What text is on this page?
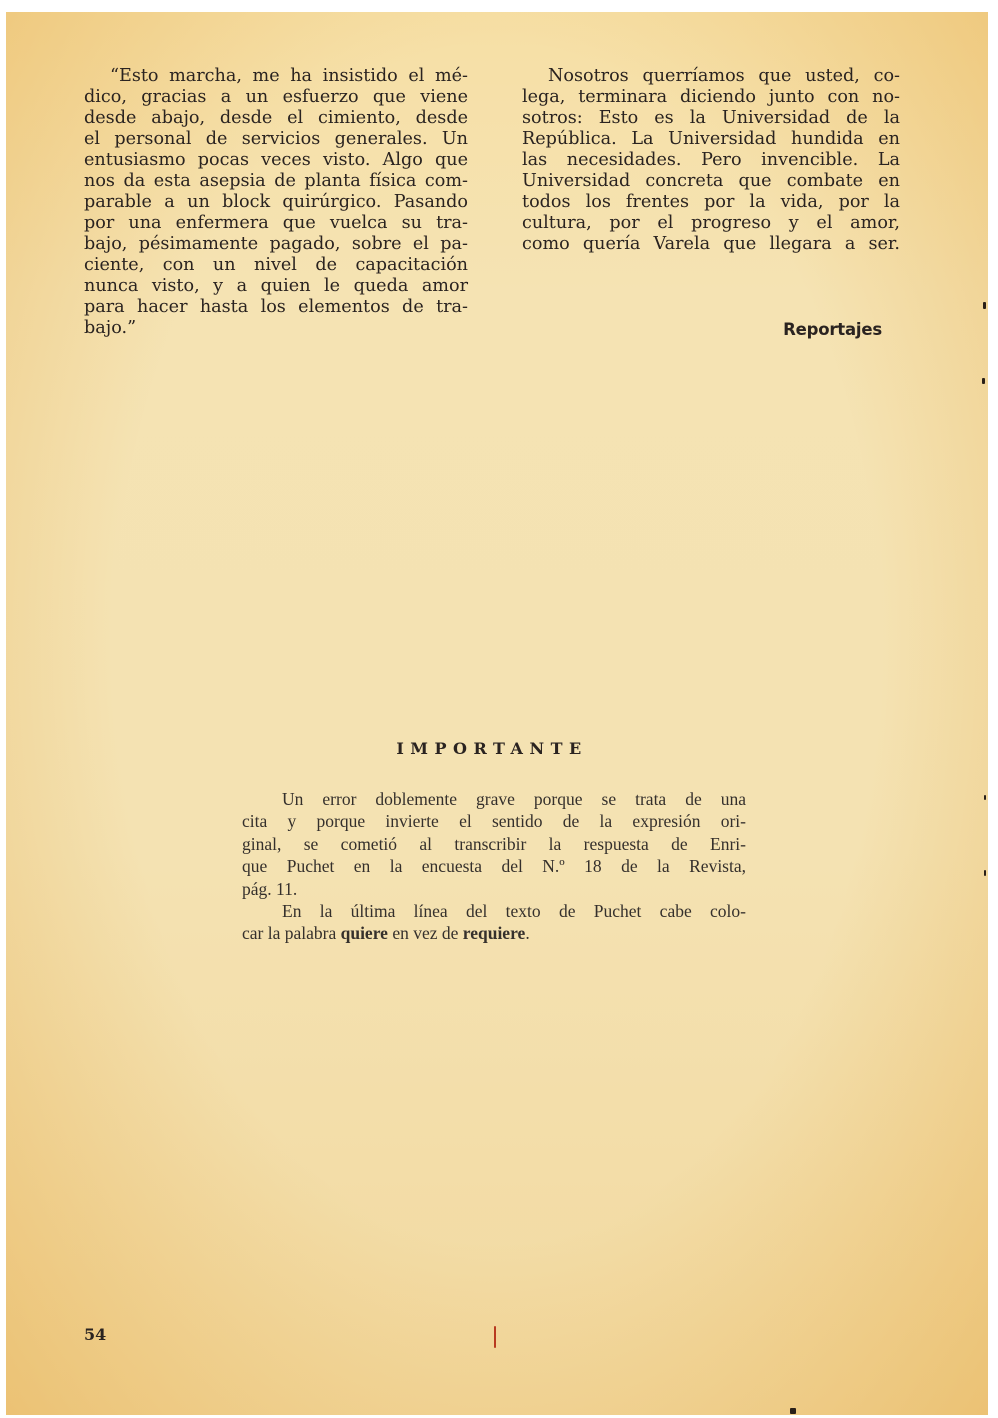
“Esto marcha, me ha insistido el mé-
dico, gracias a un esfuerzo que viene
desde abajo, desde el cimiento, desde
el personal de servicios generales. Un
entusiasmo pocas veces visto. Algo que
nos da esta asepsia de planta física com-
parable a un block quirúrgico. Pasando
por una enfermera que vuelca su tra-
bajo, pésimamente pagado, sobre el pa-
ciente, con un nivel de capacitación
nunca visto, y a quien le queda amor
para hacer hasta los elementos de tra-
bajo.”
Nosotros querríamos que usted, co-
lega, terminara diciendo junto con no-
sotros: Esto es la Universidad de la
República. La Universidad hundida en
las necesidades. Pero invencible. La
Universidad concreta que combate en
todos los frentes por la vida, por la
cultura, por el progreso y el amor,
como quería Varela que llegara a ser.
Reportajes
IMPORTANTE
Un error doblemente grave porque se trata de una
cita y porque invierte el sentido de la expresión ori-
ginal, se cometió al transcribir la respuesta de Enri-
que Puchet en la encuesta del N.º 18 de la Revista,
pág. 11.
En la última línea del texto de Puchet cabe colo-
car la palabra quiere en vez de requiere.
54
